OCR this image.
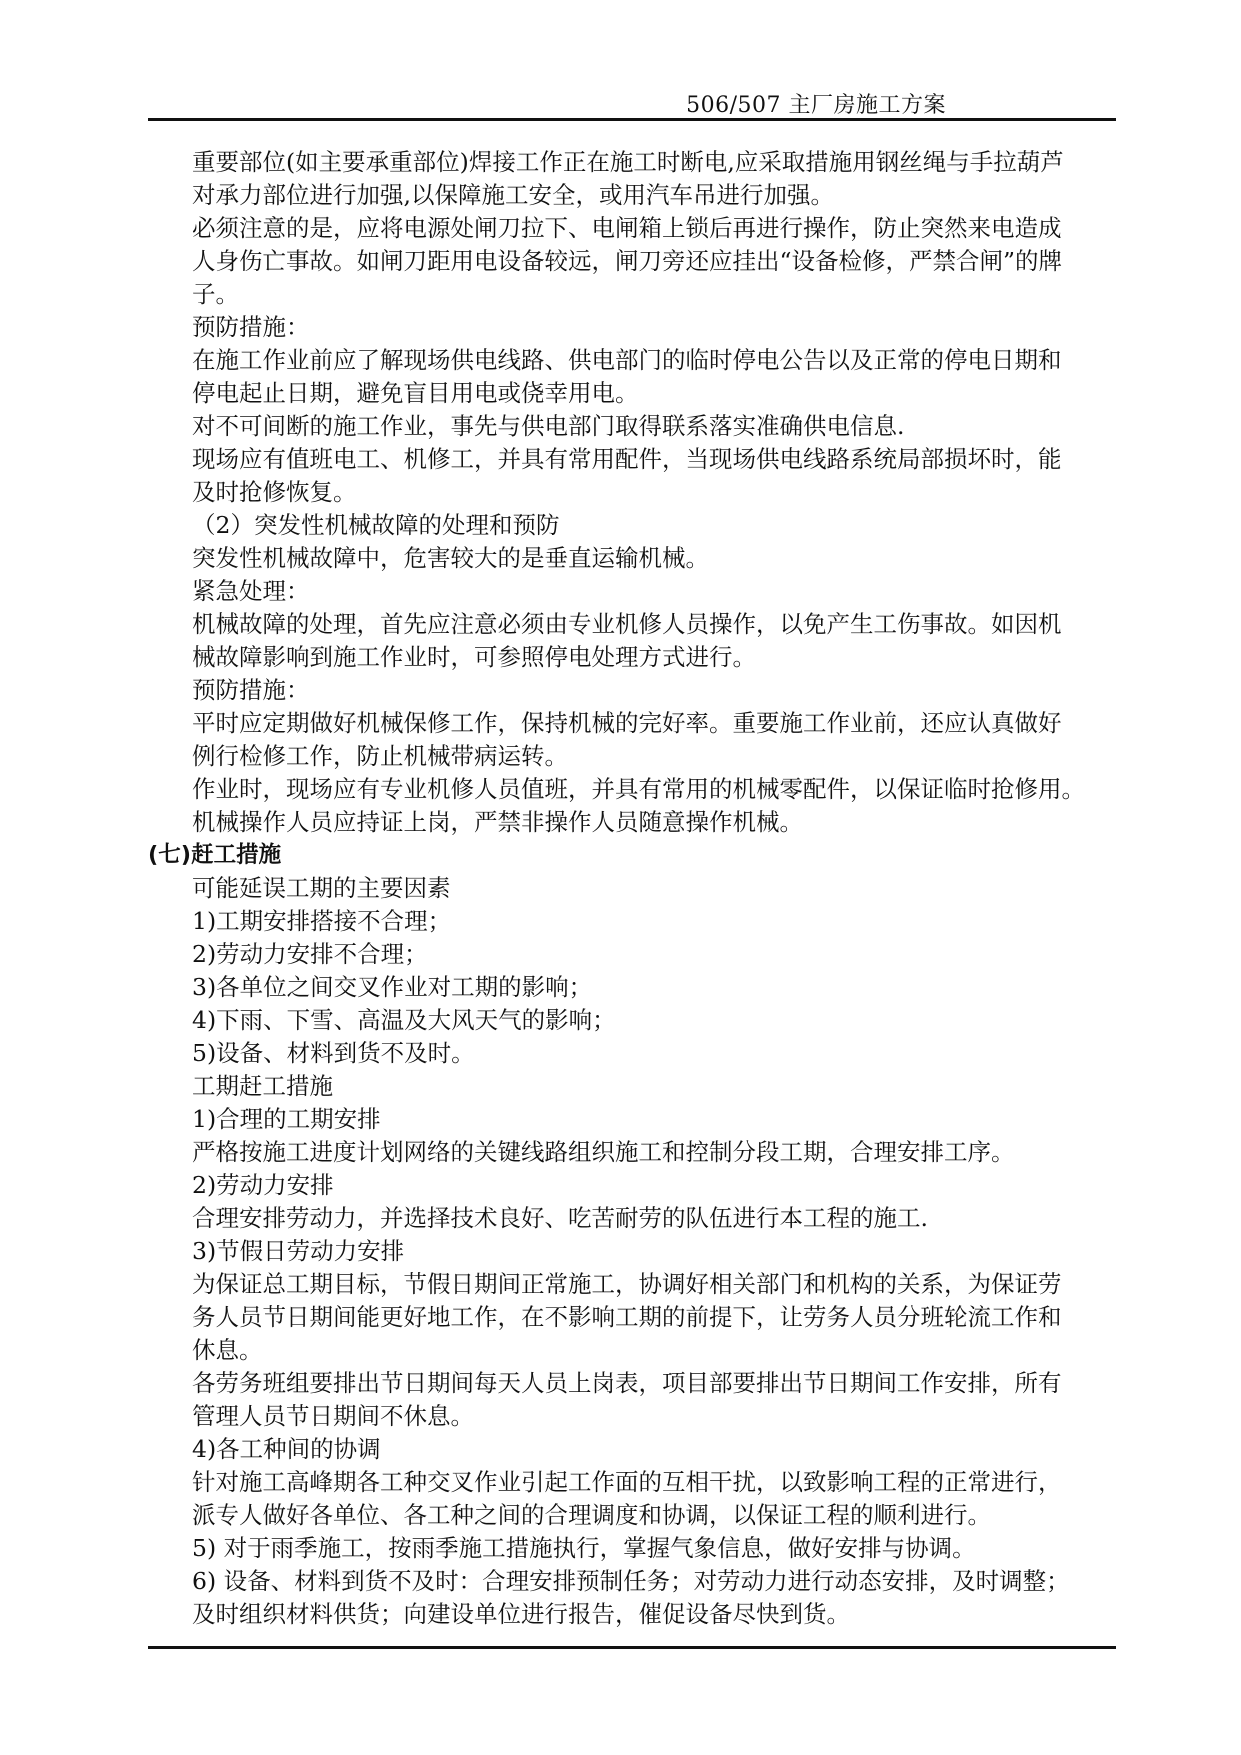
506/507 主厂房施工方案

重要部位(如主要承重部位)焊接工作正在施工时断电,应采取措施用钢丝绳与手拉葫芦

对承力部位进行加强,以保障施工安全，或用汽车吊进行加强。

必须注意的是，应将电源处闸刀拉下、电闸箱上锁后再进行操作，防止突然来电造成

人身伤亡事故。如闸刀距用电设备较远，闸刀旁还应挂出“设备检修，严禁合闸”的牌

子。

预防措施：

在施工作业前应了解现场供电线路、供电部门的临时停电公告以及正常的停电日期和

停电起止日期，避免盲目用电或侥幸用电。

对不可间断的施工作业，事先与供电部门取得联系落实准确供电信息.

现场应有值班电工、机修工，并具有常用配件，当现场供电线路系统局部损坏时，能

及时抢修恢复。

（2）突发性机械故障的处理和预防

突发性机械故障中，危害较大的是垂直运输机械。

紧急处理：

机械故障的处理，首先应注意必须由专业机修人员操作，以免产生工伤事故。如因机

械故障影响到施工作业时，可参照停电处理方式进行。

预防措施：

平时应定期做好机械保修工作，保持机械的完好率。重要施工作业前，还应认真做好

例行检修工作，防止机械带病运转。

作业时，现场应有专业机修人员值班，并具有常用的机械零配件，以保证临时抢修用。

机械操作人员应持证上岗，严禁非操作人员随意操作机械。

(七)赶工措施

可能延误工期的主要因素

1)工期安排搭接不合理；

2)劳动力安排不合理；

3)各单位之间交叉作业对工期的影响；

4)下雨、下雪、高温及大风天气的影响；

5)设备、材料到货不及时。

工期赶工措施

1)合理的工期安排

严格按施工进度计划网络的关键线路组织施工和控制分段工期，合理安排工序。

2)劳动力安排

合理安排劳动力，并选择技术良好、吃苦耐劳的队伍进行本工程的施工.

3)节假日劳动力安排

为保证总工期目标，节假日期间正常施工，协调好相关部门和机构的关系，为保证劳

务人员节日期间能更好地工作，在不影响工期的前提下，让劳务人员分班轮流工作和

休息。

各劳务班组要排出节日期间每天人员上岗表，项目部要排出节日期间工作安排，所有

管理人员节日期间不休息。

4)各工种间的协调

针对施工高峰期各工种交叉作业引起工作面的互相干扰，以致影响工程的正常进行，

派专人做好各单位、各工种之间的合理调度和协调，以保证工程的顺利进行。

5) 对于雨季施工，按雨季施工措施执行，掌握气象信息，做好安排与协调。

6) 设备、材料到货不及时：合理安排预制任务；对劳动力进行动态安排，及时调整；

及时组织材料供货；向建设单位进行报告，催促设备尽快到货。
